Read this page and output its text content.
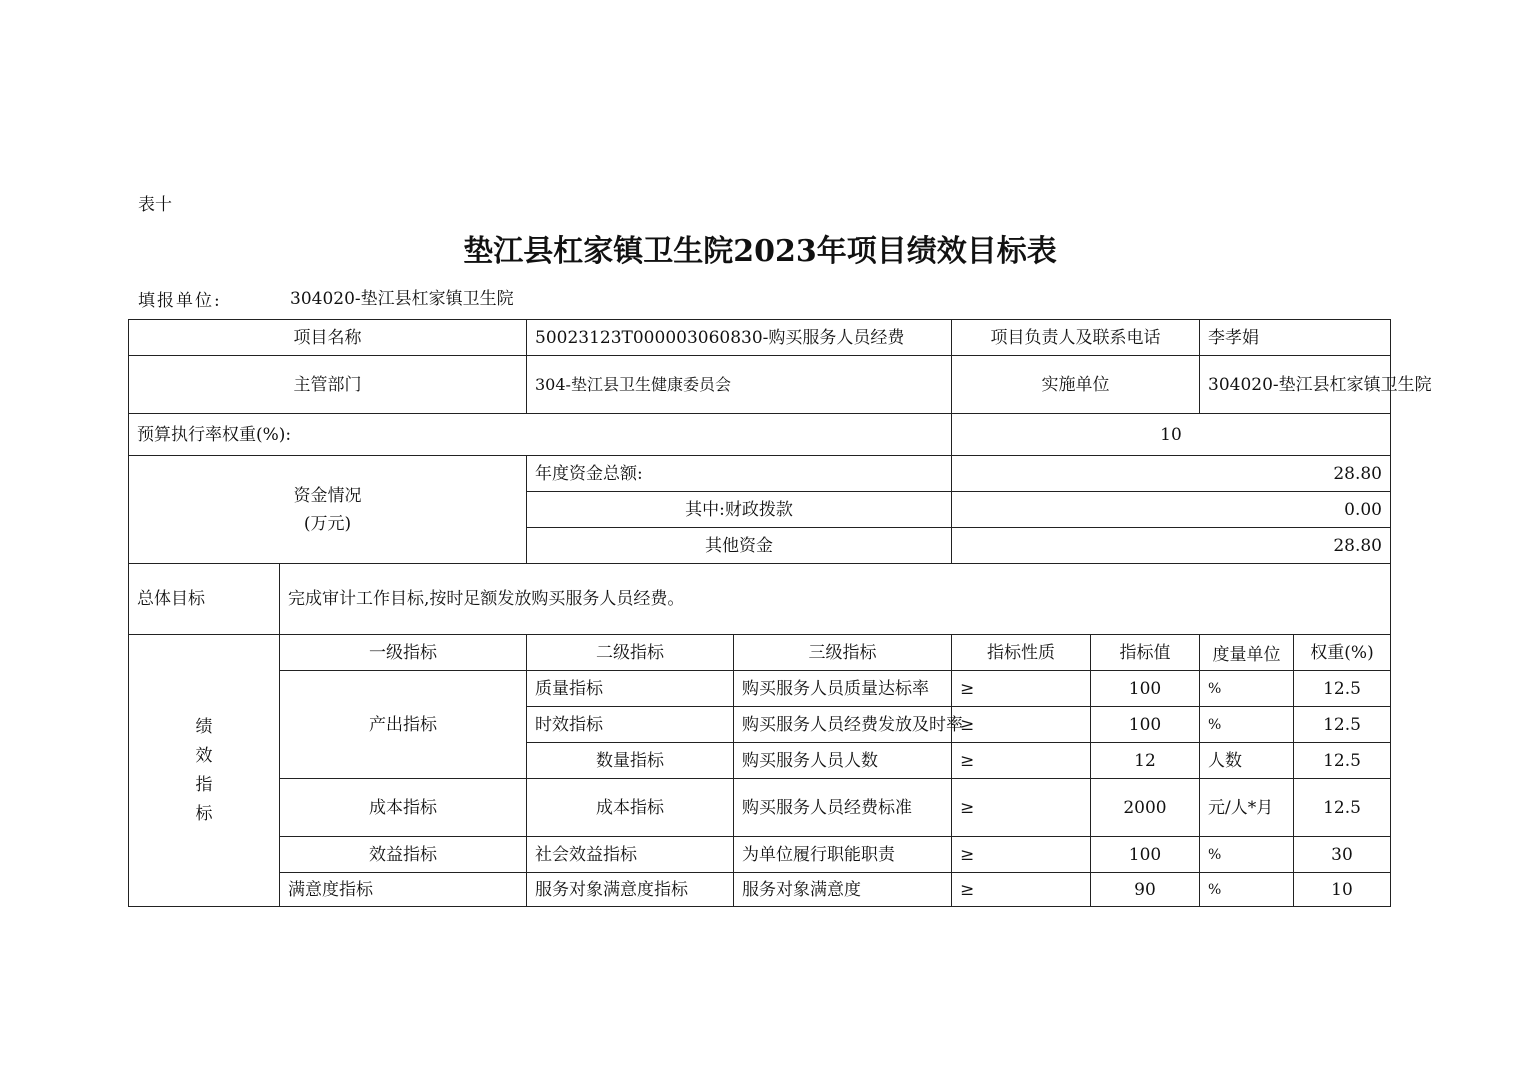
表十
垫江县杠家镇卫生院2023年项目绩效目标表
填报单位:	304020-垫江县杠家镇卫生院
项目名称		50023123T000003060830-购买服务人员经费		项目负责人及联系电话		李孝娟	
主管部门		304-垫江县卫生健康委员会		实施单位		304020-垫江县杠家镇卫生院	
预算执行率权重(%):				10			

资金情况
(万元)		年度资金总额:		28.80			
		其中:财政拨款		0.00			
		其他资金		28.80			
总体目标	完成审计工作目标,按时足额发放购买服务人员经费。						

绩
效
指
标	一级指标	二级指标	三级指标	指标性质	指标值	度量单位	权重(%)
	产出指标	质量指标	购买服务人员质量达标率	≥	100	%	12.5
		时效指标	购买服务人员经费发放及时率	≥	100	%	12.5
		数量指标	购买服务人员人数	≥	12	人数	12.5
	成本指标	成本指标	购买服务人员经费标准	≥	2000	元/人*月	12.5
	效益指标	社会效益指标	为单位履行职能职责	≥	100	%	30
	满意度指标	服务对象满意度指标	服务对象满意度	≥	90	%	10
